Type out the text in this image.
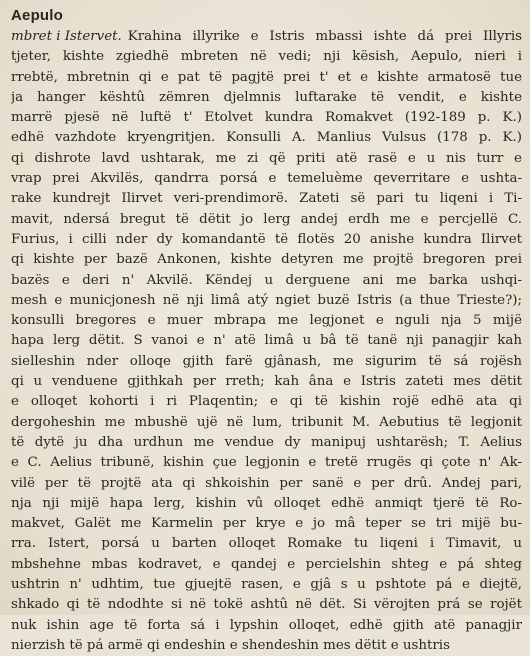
Aepulo
mbret i Istervet. Krahina illyrike e Istris mbassi ishte dá prei Illyris
tjeter, kishte zgiedhë mbreten në vedi; nji kësish, Aepulo, nieri i
rrebtë, mbretnin qi e pat të pagjtë prei t' et e kishte armatosë tue
ja hanger kështû zëmren djelmnis luftarake të vendit, e kishte
marrë pjesë në luftë t' Etolvet kundra Romakvet (192-189 p. K.)
edhë vazhdote kryengritjen. Konsulli A. Manlius Vulsus (178 p. K.)
qi dishrote lavd ushtarak, me zi që priti atë rasë e u nis turr e
vrap prei Akvilës, qandrra porsá e temeluème qeverritare e ushta-
rake kundrejt Ilirvet veri-prendimorë. Zateti së pari tu liqeni i Ti-
mavit, ndersá bregut të dëtit jo lerg andej erdh me e percjellë C.
Furius, i cilli nder dy komandantë të flotës 20 anishe kundra Ilirvet
qi kishte per bazë Ankonen, kishte detyren me projtë bregoren prei
bazës e deri n' Akvilë. Këndej u derguene ani me barka ushqi-
mesh e municjonesh në nji limâ atý ngiet buzë Istris (a thue Trieste?);
konsulli bregores e muer mbrapa me legjonet e nguli nja 5 mijë
hapa lerg dëtit. S vanoi e n' atë limâ u bâ të tanë nji panagjir kah
sielleshin nder olloqe gjith farë gjânash, me sigurim të sá rojësh
qi u venduene gjithkah per rreth; kah âna e Istris zateti mes dëtit
e olloqet kohorti i ri Plaqentin; e qi të kishin rojë edhë ata qi
dergoheshin me mbushë ujë në lum, tribunit M. Aebutius të legjonit
të dytë ju dha urdhun me vendue dy manipuj ushtarësh; T. Aelius
e C. Aelius tribunë, kishin çue legjonin e tretë rrugës qi çote n' Ak-
vilë per të projtë ata qi shkoishin per sanë e per drû. Andej pari,
nja nji mijë hapa lerg, kishin vû olloqet edhë anmiqt tjerë të Ro-
makvet, Galët me Karmelin per krye e jo mâ teper se tri mijë bu-
rra. Istert, porsá u barten olloqet Romake tu liqeni i Timavit, u
mbshehne mbas kodravet, e qandej e percielshin shteg e pá shteg
ushtrin n' udhtim, tue gjuejtë rasen, e gjâ s u pshtote pá e diejtë,
shkado qi të ndodhte si në tokë ashtû në dët. Si vërojten prá se rojët
nuk ishin age të forta sá i lypshin olloqet, edhë gjith atë panagjir
nierzish të pá armë qi endeshin e shendeshin mes dëtit e ushtris
